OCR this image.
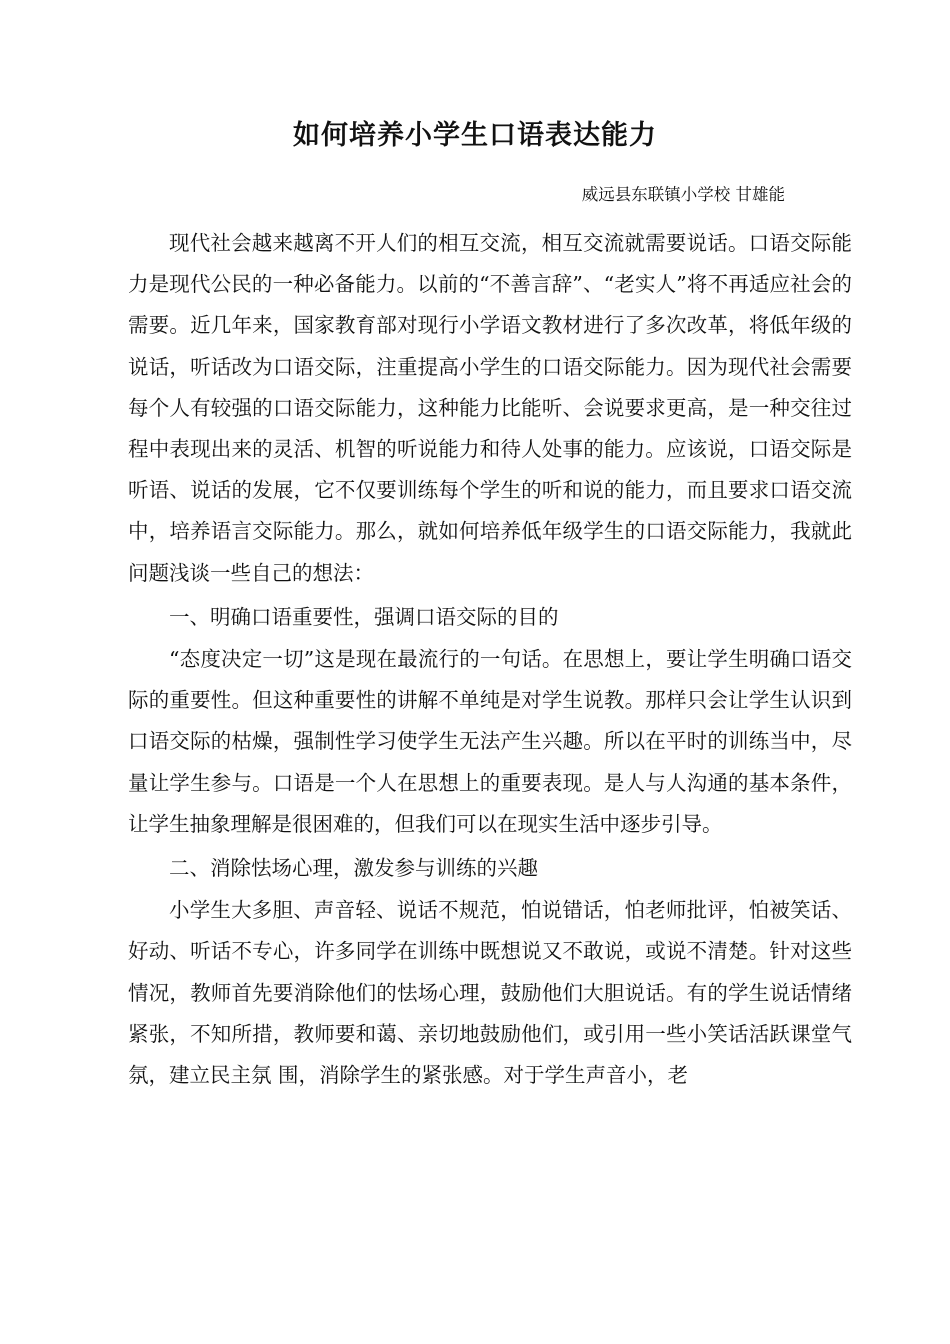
如何培养小学生口语表达能力
威远县东联镇小学校 甘雄能

现代社会越来越离不开人们的相互交流，相互交流就需要说话。口语交际能力是现代公民的一种必备能力。以前的“不善言辞”、“老实人”将不再适应社会的需要。近几年来，国家教育部对现行小学语文教材进行了多次改革，将低年级的说话，听话改为口语交际，注重提高小学生的口语交际能力。因为现代社会需要每个人有较强的口语交际能力，这种能力比能听、会说要求更高，是一种交往过程中表现出来的灵活、机智的听说能力和待人处事的能力。应该说，口语交际是听语、说话的发展，它不仅要训练每个学生的听和说的能力，而且要求口语交流中，培养语言交际能力。那么，就如何培养低年级学生的口语交际能力，我就此问题浅谈一些自己的想法：

一、明确口语重要性，强调口语交际的目的

“态度决定一切”这是现在最流行的一句话。在思想上，要让学生明确口语交际的重要性。但这种重要性的讲解不单纯是对学生说教。那样只会让学生认识到口语交际的枯燥，强制性学习使学生无法产生兴趣。所以在平时的训练当中，尽量让学生参与。口语是一个人在思想上的重要表现。是人与人沟通的基本条件，让学生抽象理解是很困难的，但我们可以在现实生活中逐步引导。

二、消除怯场心理，激发参与训练的兴趣

小学生大多胆、声音轻、说话不规范，怕说错话，怕老师批评，怕被笑话、好动、听话不专心，许多同学在训练中既想说又不敢说，或说不清楚。针对这些情况，教师首先要消除他们的怯场心理，鼓励他们大胆说话。有的学生说话情绪紧张，不知所措，教师要和蔼、亲切地鼓励他们，或引用一些小笑话活跃课堂气氛，建立民主氛 围，消除学生的紧张感。对于学生声音小，老
